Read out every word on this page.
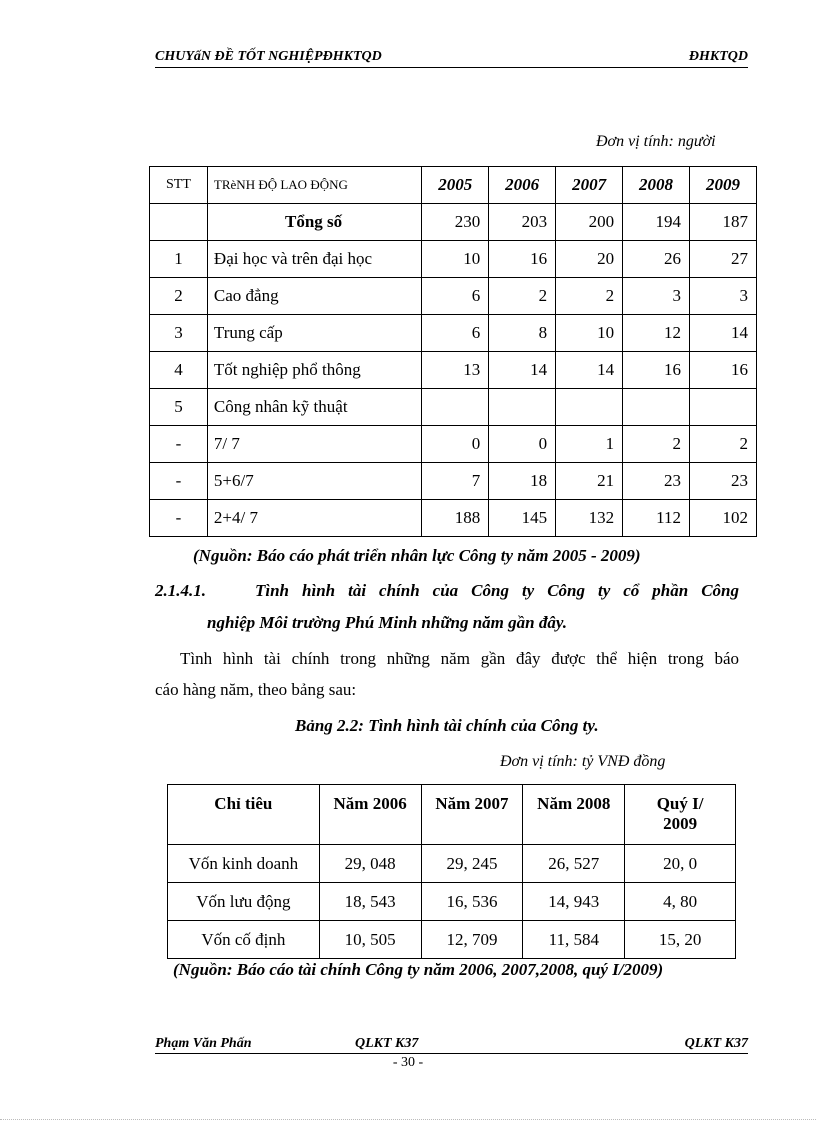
CHUYấN ĐỀ TỐT NGHIỆPĐHKTQD	ĐHKTQD
Đơn vị tính: người
STT	TRèNH ĐỘ LAO ĐỘNG	2005	2006	2007	2008	2009
	Tổng số	230	203	200	194	187
1	Đại học và trên đại học	10	16	20	26	27
2	Cao đẳng	6	2	2	3	3
3	Trung cấp	6	8	10	12	14
4	Tốt nghiệp phổ thông	13	14	14	16	16
5	Công nhân kỹ thuật					
-	7/ 7	0	0	1	2	2
-	5+6/7	7	18	21	23	23
-	2+4/ 7	188	145	132	112	102
(Nguồn: Báo cáo phát triển nhân lực Công ty năm 2005 - 2009)
2.1.4.1.	Tình hình tài chính của Công ty Công ty cổ phần Công
nghiệp Môi trường Phú Minh những năm gần đây.
Tình hình tài chính trong những năm gần đây được thể hiện trong báo
cáo hàng năm, theo bảng sau:
Bảng 2.2: Tình hình tài chính của Công ty.
Đơn vị tính: tỷ VNĐ đồng
Chỉ tiêu	Năm 2006	Năm 2007	Năm 2008	Quý I/
2009
Vốn kinh doanh	29, 048	29, 245	26, 527	20, 0
Vốn lưu động	18, 543	16, 536	14, 943	4, 80
Vốn cố định	10, 505	12, 709	11, 584	15, 20
(Nguồn: Báo cáo tài chính Công ty năm 2006, 2007,2008, quý I/2009)
Phạm Văn Phấn	QLKT K37	QLKT K37
- 30 -
